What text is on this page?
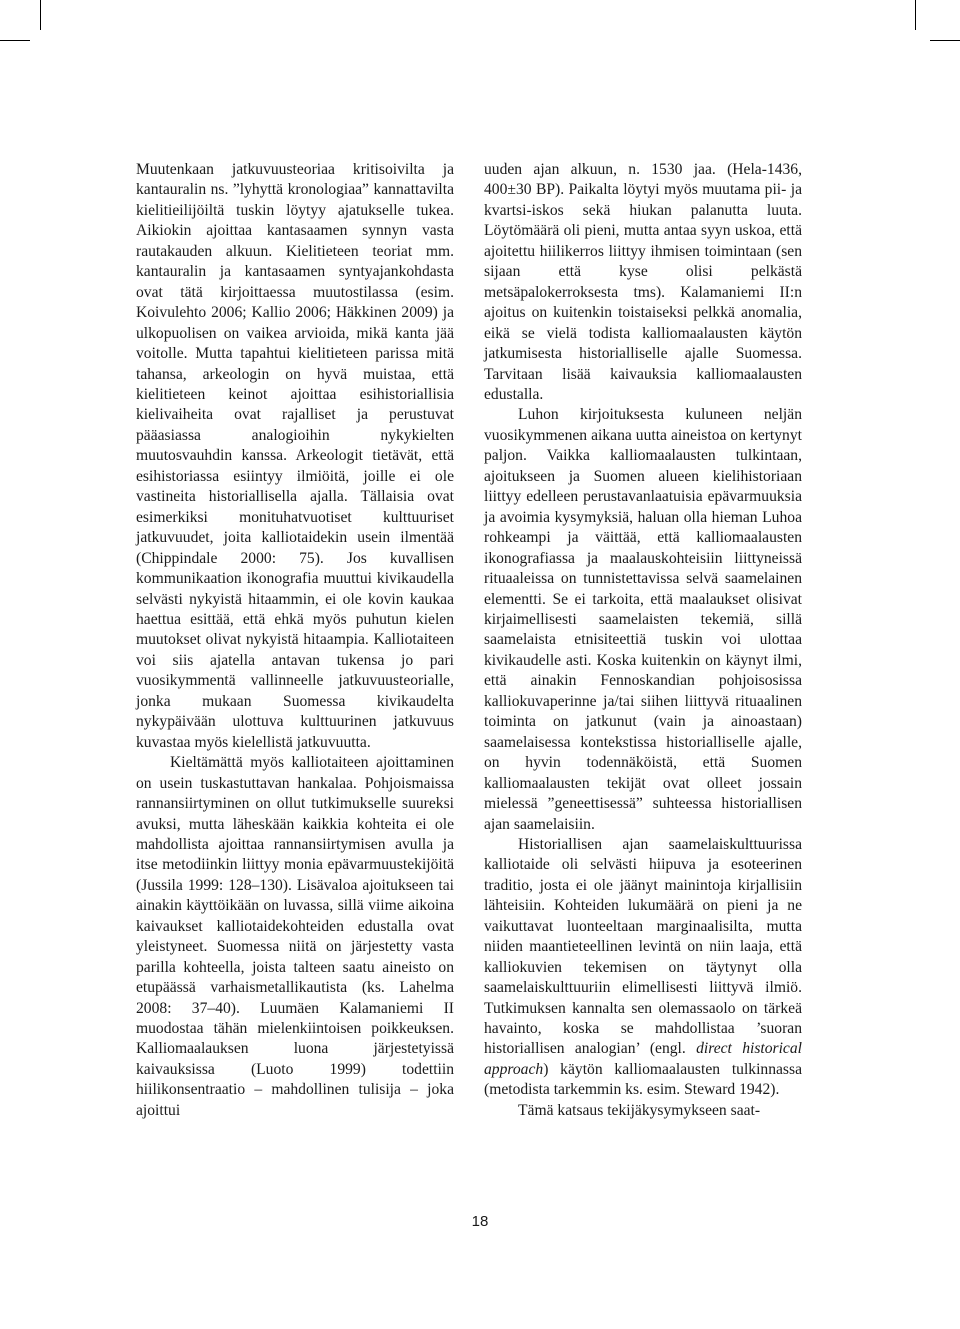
Muutenkaan jatkuvuusteoriaa kritisoivilta ja kantauralin ns. ”lyhyttä kronologiaa” kannattavilta kielitieilijöiltä tuskin löytyy ajatukselle tukea. Aikiokin ajoittaa kantasaamen synnyn vasta rautakauden alkuun. Kielitieteen teoriat mm. kantauralin ja kantasaamen syntyajankohdasta ovat tätä kirjoittaessa muutostilassa (esim. Koivulehto 2006; Kallio 2006; Häkkinen 2009) ja ulkopuolisen on vaikea arvioida, mikä kanta jää voitolle. Mutta tapahtui kielitieteen parissa mitä tahansa, arkeologin on hyvä muistaa, että kielitieteen keinot ajoittaa esihistoriallisia kielivaiheita ovat rajalliset ja perustuvat pääasiassa analogioihin nykykielten muutosvauhdin kanssa. Arkeologit tietävät, että esihistoriassa esiintyy ilmiöitä, joille ei ole vastineita historiallisella ajalla. Tällaisia ovat esimerkiksi monituhatvuotiset kulttuuriset jatkuvuudet, joita kalliotaidekin usein ilmentää (Chippindale 2000: 75). Jos kuvallisen kommunikaation ikonografia muuttui kivikaudella selvästi nykyistä hitaammin, ei ole kovin kaukaa haettua esittää, että ehkä myös puhutun kielen muutokset olivat nykyistä hitaampia. Kalliotaiteen voi siis ajatella antavan tukensa jo pari vuosikymmentä vallinneelle jatkuvuusteorialle, jonka mukaan Suomessa kivikaudelta nykypäivään ulottuva kulttuurinen jatkuvuus kuvastaa myös kielellistä jatkuvuutta.

Kieltämättä myös kalliotaiteen ajoittaminen on usein tuskastuttavan hankalaa. Pohjoismaissa rannansiirtyminen on ollut tutkimukselle suureksi avuksi, mutta läheskään kaikkia kohteita ei ole mahdollista ajoittaa rannansiirtymisen avulla ja itse metodiinkin liittyy monia epävarmuustekijöitä (Jussila 1999: 128–130). Lisävaloa ajoitukseen tai ainakin käyttöikään on luvassa, sillä viime aikoina kaivaukset kalliotaidekohteiden edustalla ovat yleistyneet. Suomessa niitä on järjestetty vasta parilla kohteella, joista talteen saatu aineisto on etupäässä varhaismetallikautista (ks. Lahelma 2008: 37–40). Luumäen Kalamaniemi II muodostaa tähän mielenkiintoisen poikkeuksen. Kalliomaalauksen luona järjestetyissä kaivauksissa (Luoto 1999) todettiin hiilikonsentraatio – mahdollinen tulisija – joka ajoittui

uuden ajan alkuun, n. 1530 jaa. (Hela-1436, 400±30 BP). Paikalta löytyi myös muutama pii- ja kvartsi-iskos sekä hiukan palanutta luuta. Löytömäärä oli pieni, mutta antaa syyn uskoa, että ajoitettu hiilikerros liittyy ihmisen toimintaan (sen sijaan että kyse olisi pelkästä metsäpalokerroksesta tms). Kalamaniemi II:n ajoitus on kuitenkin toistaiseksi pelkkä anomalia, eikä se vielä todista kalliomaalausten käytön jatkumisesta historialliselle ajalle Suomessa. Tarvitaan lisää kaivauksia kalliomaalausten edustalla.

Luhon kirjoituksesta kuluneen neljän vuosikymmenen aikana uutta aineistoa on kertynyt paljon. Vaikka kalliomaalausten tulkintaan, ajoitukseen ja Suomen alueen kielihistoriaan liittyy edelleen perustavanlaatuisia epävarmuuksia ja avoimia kysymyksiä, haluan olla hieman Luhoa rohkeampi ja väittää, että kalliomaalausten ikonografiassa ja maalauskohteisiin liittyneissä rituaaleissa on tunnistettavissa selvä saamelainen elementti. Se ei tarkoita, että maalaukset olisivat kirjaimellisesti saamelaisten tekemiä, sillä saamelaista etnisiteettiä tuskin voi ulottaa kivikaudelle asti. Koska kuitenkin on käynyt ilmi, että ainakin Fennoskandian pohjoisosissa kalliokuvaperinne ja/tai siihen liittyvä rituaalinen toiminta on jatkunut (vain ja ainoastaan) saamelaisessa kontekstissa historialliselle ajalle, on hyvin todennäköistä, että Suomen kalliomaalausten tekijät ovat olleet jossain mielessä ”geneettisessä” suhteessa historiallisen ajan saamelaisiin.

Historiallisen ajan saamelaiskulttuurissa kalliotaide oli selvästi hiipuva ja esoteerinen traditio, josta ei ole jäänyt mainintoja kirjallisiin lähteisiin. Kohteiden lukumäärä on pieni ja ne vaikuttavat luonteeltaan marginaalisilta, mutta niiden maantieteellinen levintä on niin laaja, että kalliokuvien tekemisen on täytynyt olla saamelaiskulttuuriin elimellisesti liittyvä ilmiö. Tutkimuksen kannalta sen olemassaolo on tärkeä havainto, koska se mahdollistaa ’suoran historiallisen analogian’ (engl. direct historical approach) käytön kalliomaalausten tulkinnassa (metodista tarkemmin ks. esim. Steward 1942).

Tämä katsaus tekijäkysymykseen saat-

18
